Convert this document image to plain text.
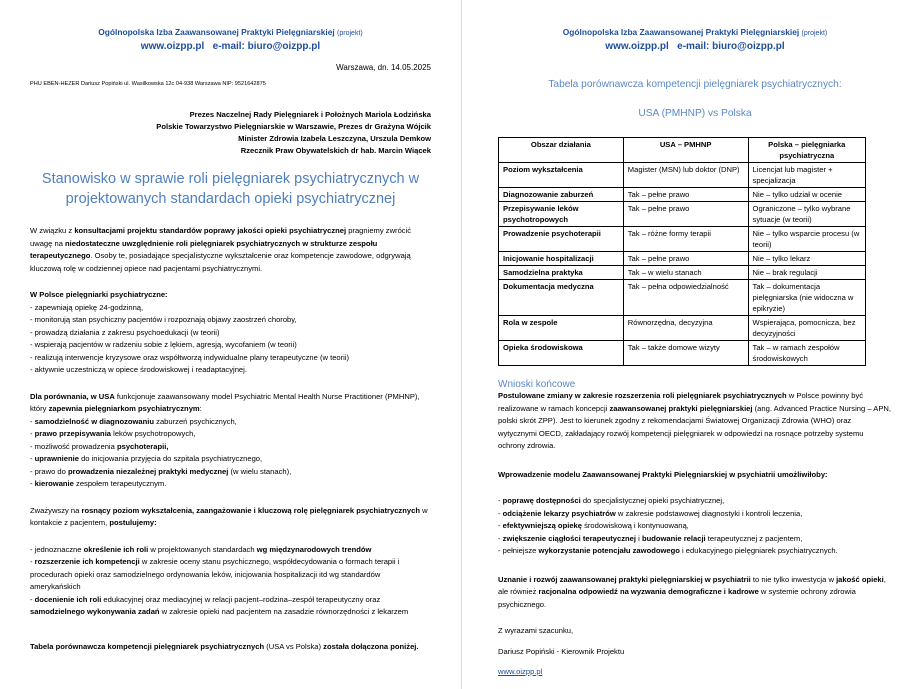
Ogólnopolska Izba Zaawansowanej Praktyki Pielęgniarskiej (projekt)
www.oizpp.pl e-mail: biuro@oizpp.pl
Warszawa, dn. 14.05.2025
PHU EBEN-HEZER Dariusz Popiński ul. Wasilkowska 12c 04-938 Warszawa NIP: 9521642875
Prezes Naczelnej Rady Pielęgniarek i Położnych Mariola Łodzińska
Polskie Towarzystwo Pielęgniarskie w Warszawie, Prezes dr Grażyna Wójcik
Minister Zdrowia Izabela Leszczyna, Urszula Demkow
Rzecznik Praw Obywatelskich dr hab. Marcin Wiącek
Stanowisko w sprawie roli pielęgniarek psychiatrycznych w
projektowanych standardach opieki psychiatrycznej
W związku z konsultacjami projektu standardów poprawy jakości opieki psychiatrycznej pragniemy zwrócić uwagę na niedostateczne uwzględnienie roli pielęgniarek psychiatrycznych w strukturze zespołu terapeutycznego. Osoby te, posiadające specjalistyczne wykształcenie oraz kompetencje zawodowe, odgrywają kluczową rolę w codziennej opiece nad pacjentami psychiatrycznymi.
W Polsce pielęgniarki psychiatryczne:
- zapewniają opiekę 24-godzinną,
- monitorują stan psychiczny pacjentów i rozpoznają objawy zaostrzeń choroby,
- prowadzą działania z zakresu psychoedukacji (w teorii)
- wspierają pacjentów w radzeniu sobie z lękiem, agresją, wycofaniem (w teorii)
- realizują interwencje kryzysowe oraz współtworzą indywidualne plany terapeutyczne (w teorii)
- aktywnie uczestniczą w opiece środowiskowej i readaptacyjnej.
Dla porównania, w USA funkcjonuje zaawansowany model Psychiatric Mental Health Nurse Practitioner (PMHNP), który zapewnia pielęgniarkom psychiatrycznym:
- samodzielność w diagnozowaniu zaburzeń psychicznych,
- prawo przepisywania leków psychotropowych,
- możliwość prowadzenia psychoterapii,
- uprawnienie do inicjowania przyjęcia do szpitala psychiatrycznego,
- prawo do prowadzenia niezależnej praktyki medycznej (w wielu stanach),
- kierowanie zespołem terapeutycznym.
Zważywszy na rosnący poziom wykształcenia, zaangażowanie i kluczową rolę pielęgniarek psychiatrycznych w kontakcie z pacjentem, postulujemy:
- jednoznaczne określenie ich roli w projektowanych standardach wg międzynarodowych trendów
- rozszerzenie ich kompetencji w zakresie oceny stanu psychicznego, współdecydowania o formach terapii i procedurach opieki oraz samodzielnego ordynowania leków, inicjowania hospitalizacji itd wg standardów amerykańskich
- docenienie ich roli edukacyjnej oraz mediacyjnej w relacji pacjent–rodzina–zespół terapeutyczny oraz samodzielnego wykonywania zadań w zakresie opieki nad pacjentem na zasadzie równorzędności z lekarzem
Tabela porównawcza kompetencji pielęgniarek psychiatrycznych (USA vs Polska) została dołączona poniżej.
Ogólnopolska Izba Zaawansowanej Praktyki Pielęgniarskiej (projekt)
www.oizpp.pl e-mail: biuro@oizpp.pl
Tabela porównawcza kompetencji pielęgniarek psychiatrycznych:
USA (PMHNP) vs Polska
Obszar działania	USA – PMHNP	Polska – pielęgniarka psychiatryczna
Poziom wykształcenia	Magister (MSN) lub doktor (DNP)	Licencjat lub magister + specjalizacja
Diagnozowanie zaburzeń	Tak – pełne prawo	Nie – tylko udział w ocenie
Przepisywanie leków psychotropowych	Tak – pełne prawo	Ograniczone – tylko wybrane sytuacje (w teorii)
Prowadzenie psychoterapii	Tak – różne formy terapii	Nie – tylko wsparcie procesu (w teorii)
Inicjowanie hospitalizacji	Tak – pełne prawo	Nie – tylko lekarz
Samodzielna praktyka	Tak – w wielu stanach	Nie – brak regulacji
Dokumentacja medyczna	Tak – pełna odpowiedzialność	Tak – dokumentacja pielęgniarska (nie widoczna w epikryzie)
Rola w zespole	Równorzędna, decyzyjna	Wspierająca, pomocnicza, bez decyzyjności
Opieka środowiskowa	Tak – także domowe wizyty	Tak – w ramach zespołów środowiskowych
Wnioski końcowe
Postulowane zmiany w zakresie rozszerzenia roli pielęgniarek psychiatrycznych w Polsce powinny być realizowane w ramach koncepcji zaawansowanej praktyki pielęgniarskiej (ang. Advanced Practice Nursing – APN, polski skrót ZPP). Jest to kierunek zgodny z rekomendacjami Światowej Organizacji Zdrowia (WHO) oraz wytycznymi OECD, zakładający rozwój kompetencji pielęgniarek w odpowiedzi na rosnące potrzeby systemu ochrony zdrowia.
Wprowadzenie modelu Zaawansowanej Praktyki Pielęgniarskiej w psychiatrii umożliwiłoby:
- poprawę dostępności do specjalistycznej opieki psychiatrycznej,
- odciążenie lekarzy psychiatrów w zakresie podstawowej diagnostyki i kontroli leczenia,
- efektywniejszą opiekę środowiskową i kontynuowaną,
- zwiększenie ciągłości terapeutycznej i budowanie relacji terapeutycznej z pacjentem,
- pełniejsze wykorzystanie potencjału zawodowego i edukacyjnego pielęgniarek psychiatrycznych.
Uznanie i rozwój zaawansowanej praktyki pielęgniarskiej w psychiatrii to nie tylko inwestycja w jakość opieki, ale również racjonalna odpowiedź na wyzwania demograficzne i kadrowe w systemie ochrony zdrowia psychicznego.
Z wyrazami szacunku,
Dariusz Popiński - Kierownik Projektu
www.oizpp.pl
